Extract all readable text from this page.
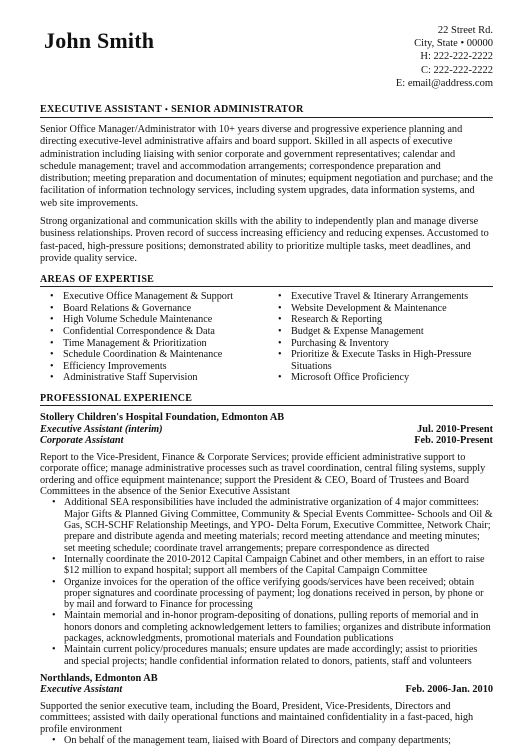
John Smith	22 Street Rd.
City, State • 00000
H: 222-222-2222
C: 222-222-2222
E: email@address.com
EXECUTIVE ASSISTANT • SENIOR ADMINISTRATOR

Senior Office Manager/Administrator with 10+ years diverse and progressive experience planning and directing executive-level administrative affairs and board support. Skilled in all aspects of executive administration including liaising with senior corporate and government representatives; calendar and schedule management; travel and accommodation arrangements; correspondence preparation and distribution; meeting preparation and documentation of minutes; equipment negotiation and purchase; and the facilitation of information technology services, including system upgrades, data information systems, and web site improvements.

Strong organizational and communication skills with the ability to independently plan and manage diverse business relationships. Proven record of success increasing efficiency and reducing expenses. Accustomed to fast-paced, high-pressure positions; demonstrated ability to prioritize multiple tasks, meet deadlines, and provide quality service.

AREAS OF EXPERTISE
• Executive Office Management & Support
• Board Relations & Governance
• High Volume Schedule Maintenance
• Confidential Correspondence & Data
• Time Management & Prioritization
• Schedule Coordination & Maintenance
• Efficiency Improvements
• Administrative Staff Supervision
• Executive Travel & Itinerary Arrangements
• Website Development & Maintenance
• Research & Reporting
• Budget & Expense Management
• Purchasing & Inventory
• Prioritize & Execute Tasks in High-Pressure Situations
• Microsoft Office Proficiency
PROFESSIONAL EXPERIENCE
Stollery Children's Hospital Foundation, Edmonton AB
Executive Assistant (interim)	Jul. 2010-Present
Corporate Assistant	Feb. 2010-Present

Report to the Vice-President, Finance & Corporate Services; provide efficient administrative support to corporate office; manage administrative processes such as travel coordination, central filing systems, supply ordering and office equipment maintenance; support the President & CEO, Board of Trustees and Board Committees in the absence of the Senior Executive Assistant

• Additional SEA responsibilities have included the administrative organization of 4 major committees: Major Gifts & Planned Giving Committee, Community & Special Events Committee- Schools and Oil & Gas, SCH-SCHF Relationship Meetings, and YPO- Delta Forum, Executive Committee, Network Chair; prepare and distribute agenda and meeting materials; record meeting attendance and meeting minutes; set meeting schedule; coordinate travel arrangements; prepare correspondence as directed
• Internally coordinate the 2010-2012 Capital Campaign Cabinet and other members, in an effort to raise $12 million to expand hospital; support all members of the Capital Campaign Committee
• Organize invoices for the operation of the office verifying goods/services have been received; obtain proper signatures and coordinate processing of payment; log donations received in person, by phone or by mail and forward to Finance for processing
• Maintain memorial and in-honor program-depositing of donations, pulling reports of memorial and in honors donors and completing acknowledgement letters to families; organizes and distribute information packages, acknowledgments, promotional materials and Foundation publications
• Maintain current policy/procedures manuals; ensure updates are made accordingly; assist to priorities and special projects; handle confidential information related to donors, patients, staff and volunteers
Northlands, Edmonton AB
Executive Assistant	Feb. 2006-Jan. 2010

Supported the senior executive team, including the Board, President, Vice-Presidents, Directors and committees; assisted with daily operational functions and maintained confidentiality in a fast-paced, high profile environment

• On behalf of the management team, liaised with Board of Directors and company departments;
